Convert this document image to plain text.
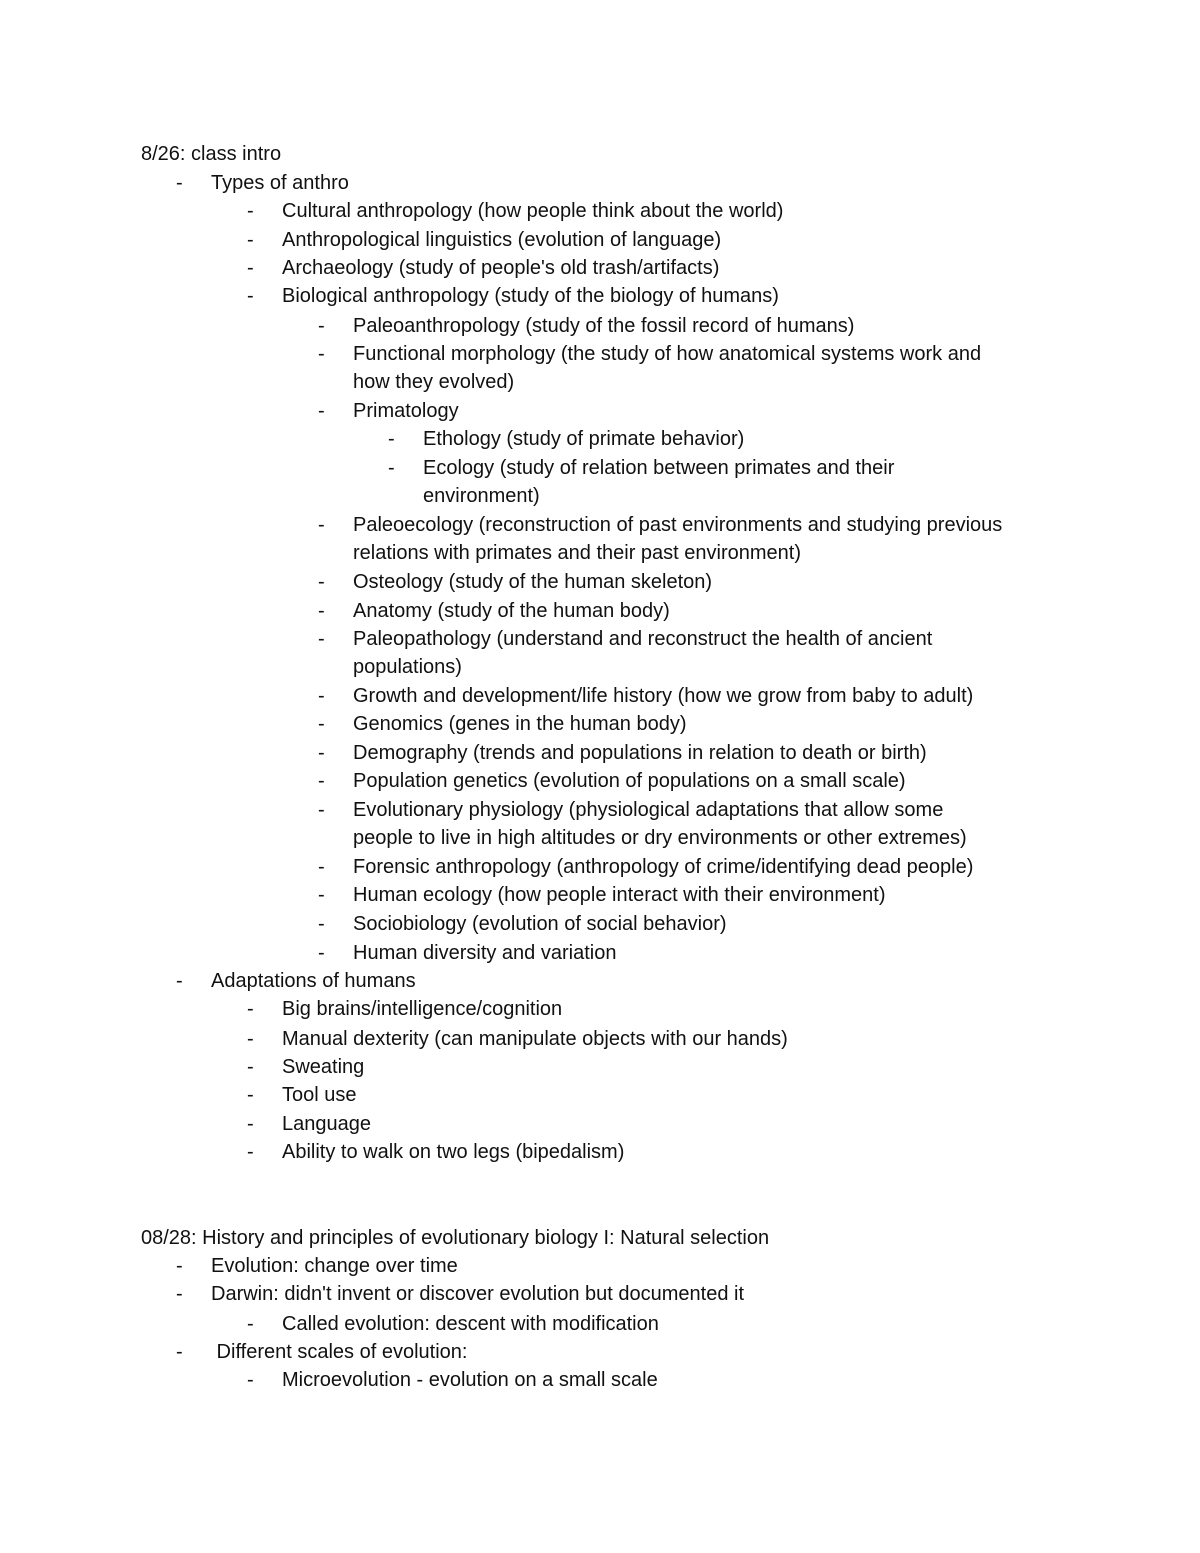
8/26: class intro
- Types of anthro
- Cultural anthropology (how people think about the world)
- Anthropological linguistics (evolution of language)
- Archaeology (study of people's old trash/artifacts)
- Biological anthropology (study of the biology of humans)
- Paleoanthropology (study of the fossil record of humans)
- Functional morphology (the study of how anatomical systems work and
how they evolved)
- Primatology
- Ethology (study of primate behavior)
- Ecology (study of relation between primates and their
environment)
- Paleoecology (reconstruction of past environments and studying previous
relations with primates and their past environment)
- Osteology (study of the human skeleton)
- Anatomy (study of the human body)
- Paleopathology (understand and reconstruct the health of ancient
populations)
- Growth and development/life history (how we grow from baby to adult)
- Genomics (genes in the human body)
- Demography (trends and populations in relation to death or birth)
- Population genetics (evolution of populations on a small scale)
- Evolutionary physiology (physiological adaptations that allow some
people to live in high altitudes or dry environments or other extremes)
- Forensic anthropology (anthropology of crime/identifying dead people)
- Human ecology (how people interact with their environment)
- Sociobiology (evolution of social behavior)
- Human diversity and variation
- Adaptations of humans
- Big brains/intelligence/cognition
- Manual dexterity (can manipulate objects with our hands)
- Sweating
- Tool use
- Language
- Ability to walk on two legs (bipedalism)
08/28: History and principles of evolutionary biology I: Natural selection
- Evolution: change over time
- Darwin: didn't invent or discover evolution but documented it
- Called evolution: descent with modification
- Different scales of evolution:
- Microevolution - evolution on a small scale
